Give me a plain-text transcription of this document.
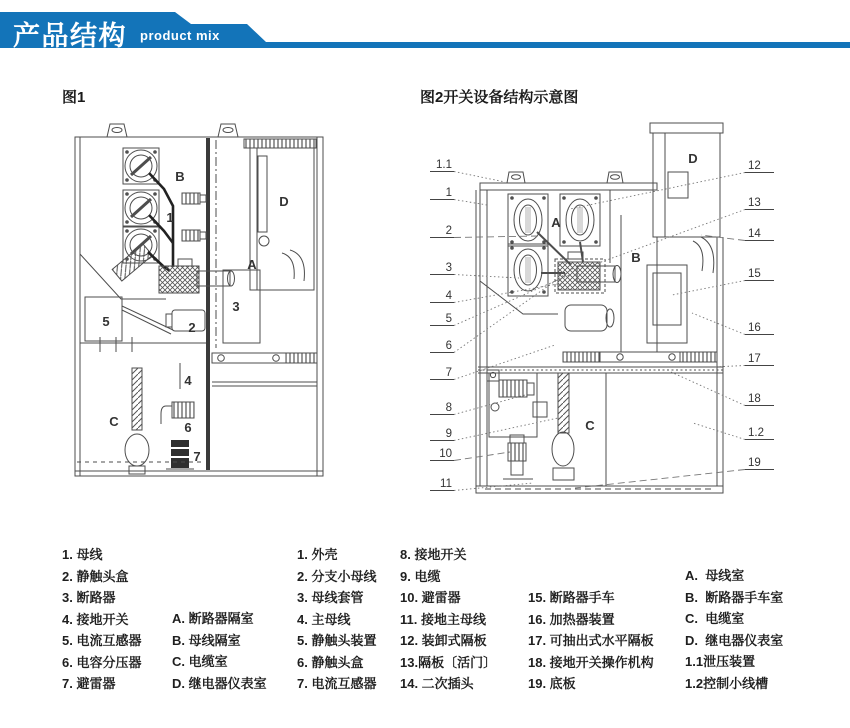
产品结构 product mix
图1	图2开关设备结构示意图
B
1
D
A
3
2
5
4
C	6
7
D
A
B
C
1.1
1
2
3
4
5
6
7
8
9
10
11
12
13
14
15
16
17
18
1.2
19
1. 母线
2. 静触头盒
3. 断路器
4. 接地开关
5. 电流互感器
6. 电容分压器
7. 避雷器
A. 断路器隔室
B. 母线隔室
C. 电缆室
D. 继电器仪表室
1. 外壳
2. 分支小母线
3. 母线套管
4. 主母线
5. 静触头装置
6. 静触头盒
7. 电流互感器
8. 接地开关
9. 电缆
10. 避雷器
11. 接地主母线
12. 装卸式隔板
13.隔板〔活门〕
14. 二次插头
15. 断路器手车
16. 加热器装置
17. 可抽出式水平隔板
18. 接地开关操作机构
19. 底板
A.  母线室
B.  断路器手车室
C.  电缆室
D.  继电器仪表室
1.1泄压装置
1.2控制小线槽
